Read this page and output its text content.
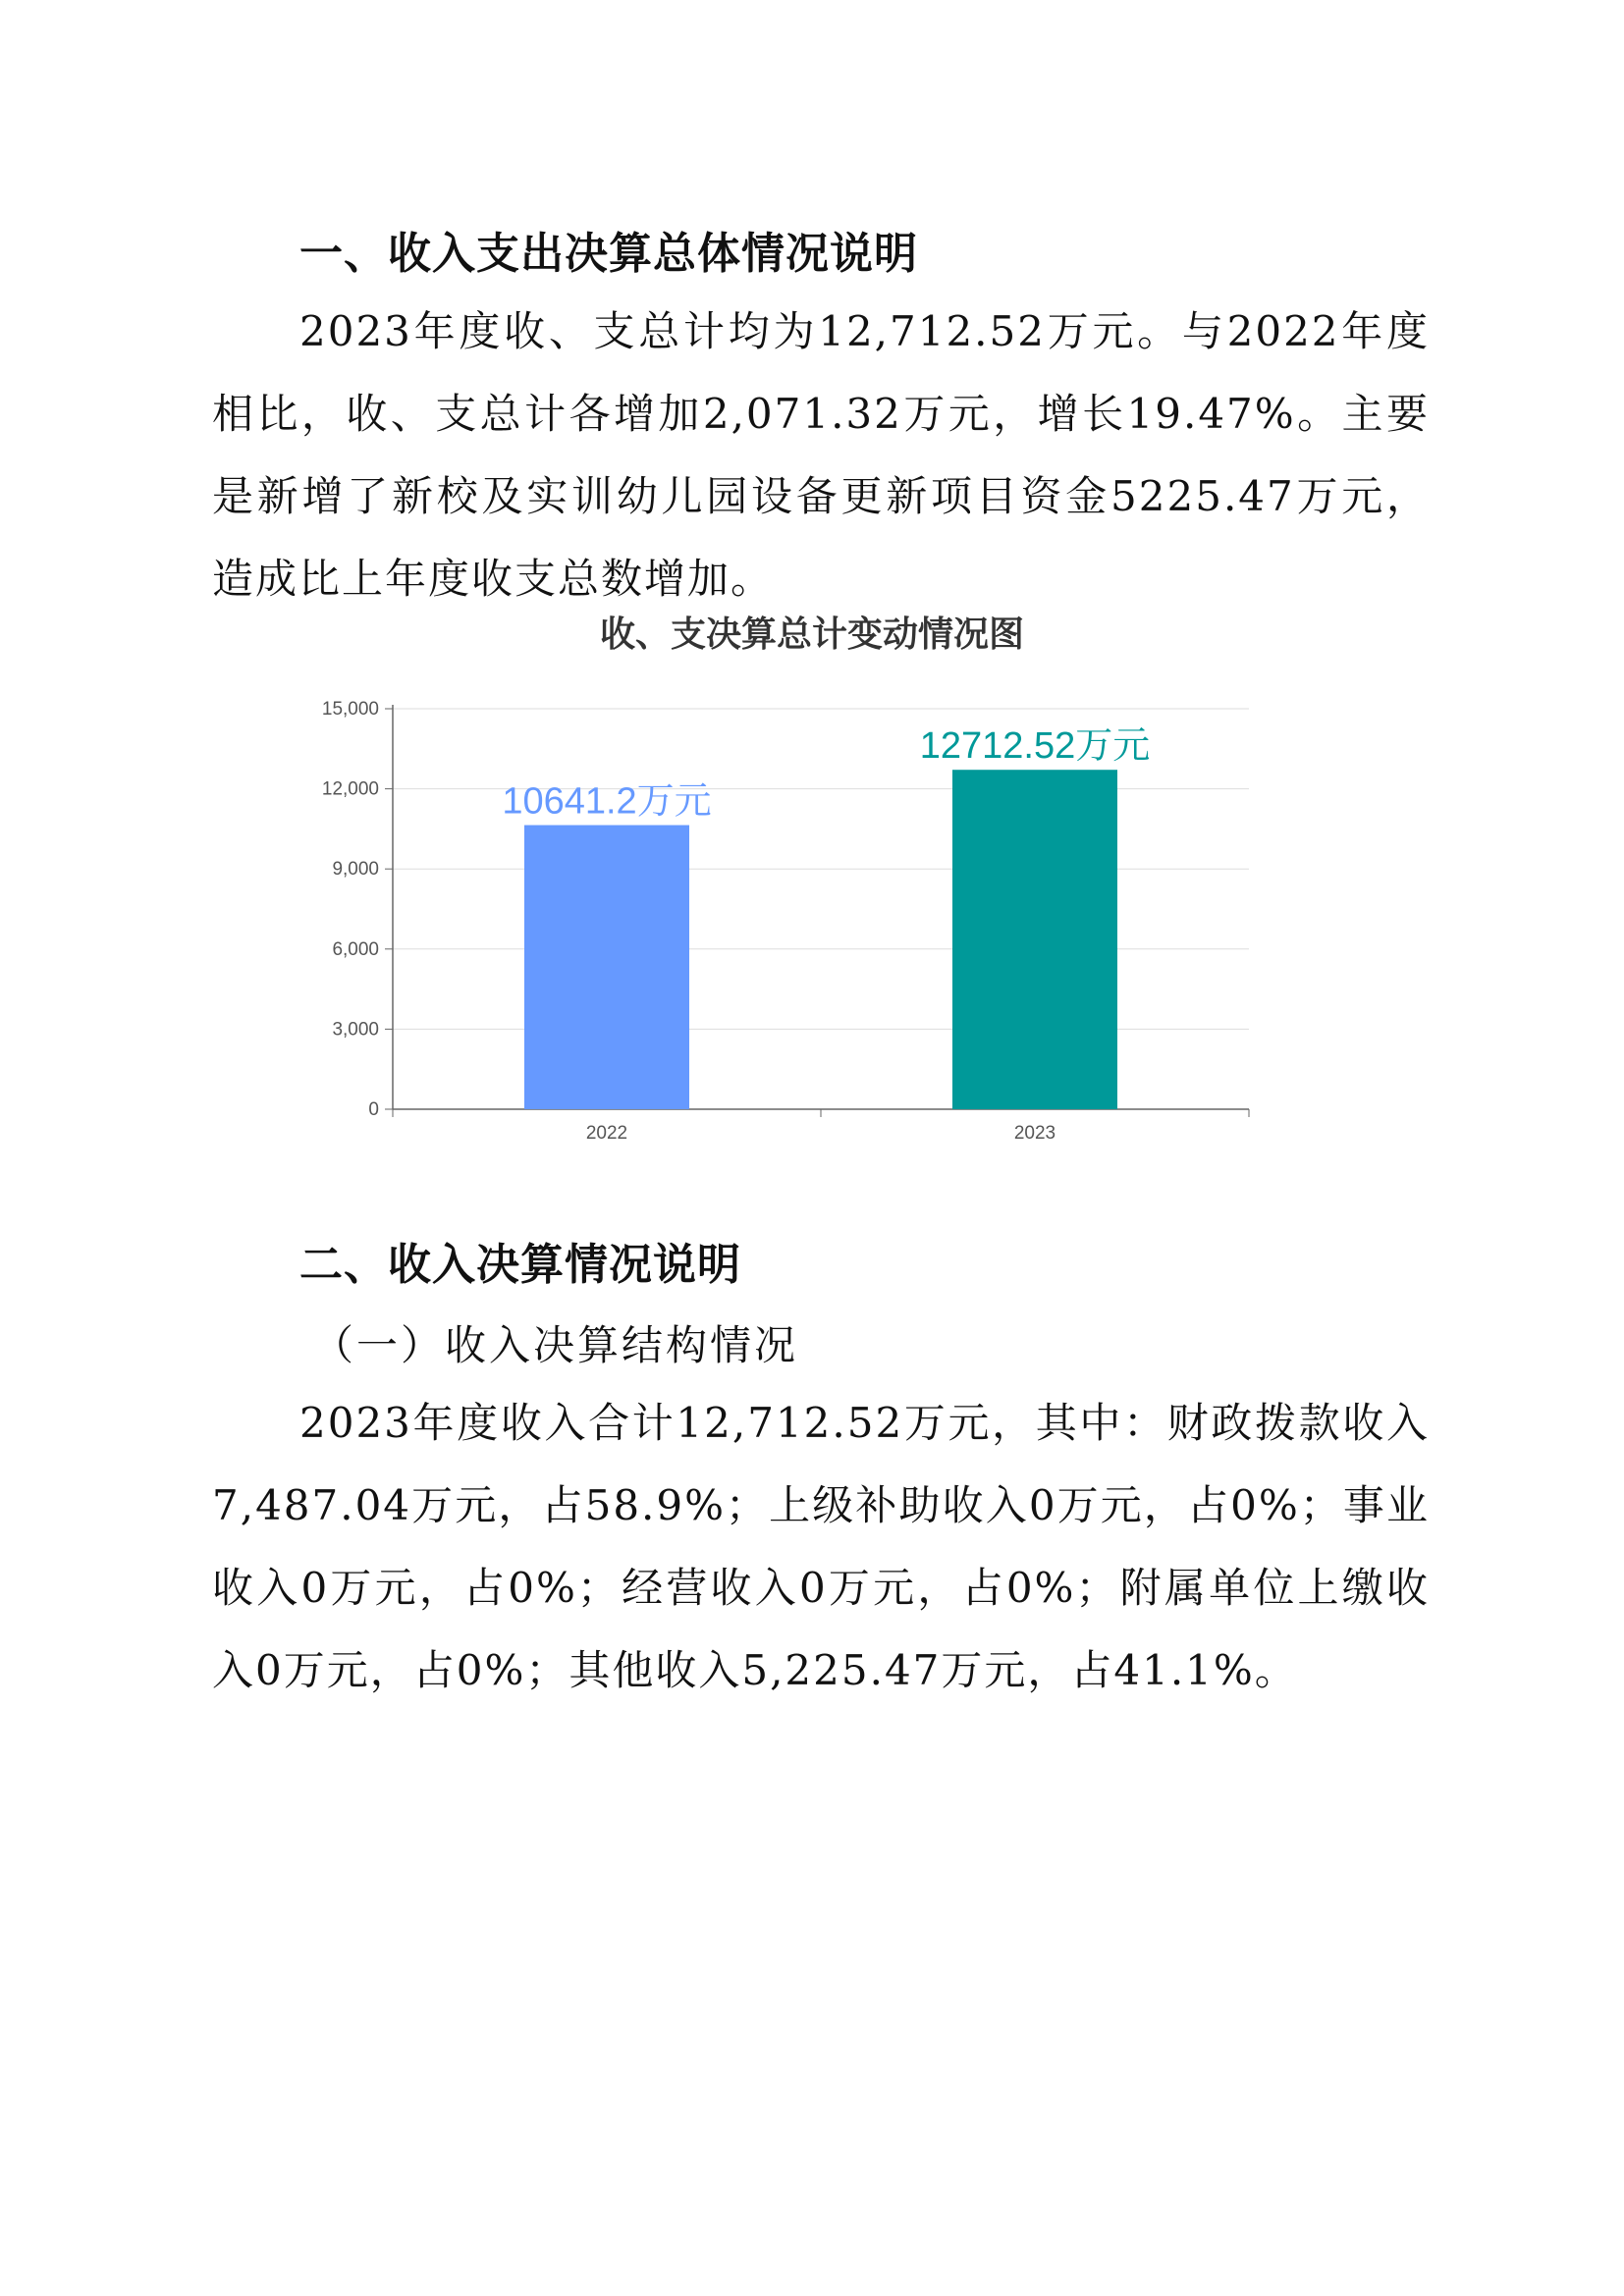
一、收入支出决算总体情况说明

2023年度收、支总计均为12,712.52万元。与2022年度相比，收、支总计各增加2,071.32万元，增长19.47%。主要是新增了新校及实训幼儿园设备更新项目资金5225.47万元，造成比上年度收支总数增加。

收、支决算总计变动情况图
0
3,000
6,000
9,000
12,000
15,000
10641.2万元
2022
12712.52万元
2023
二、收入决算情况说明

（一）收入决算结构情况

2023年度收入合计12,712.52万元，其中：财政拨款收入7,487.04万元，占58.9%；上级补助收入0万元，占0%；事业收入0万元，占0%；经营收入0万元，占0%；附属单位上缴收入0万元，占0%；其他收入5,225.47万元，占41.1%。
